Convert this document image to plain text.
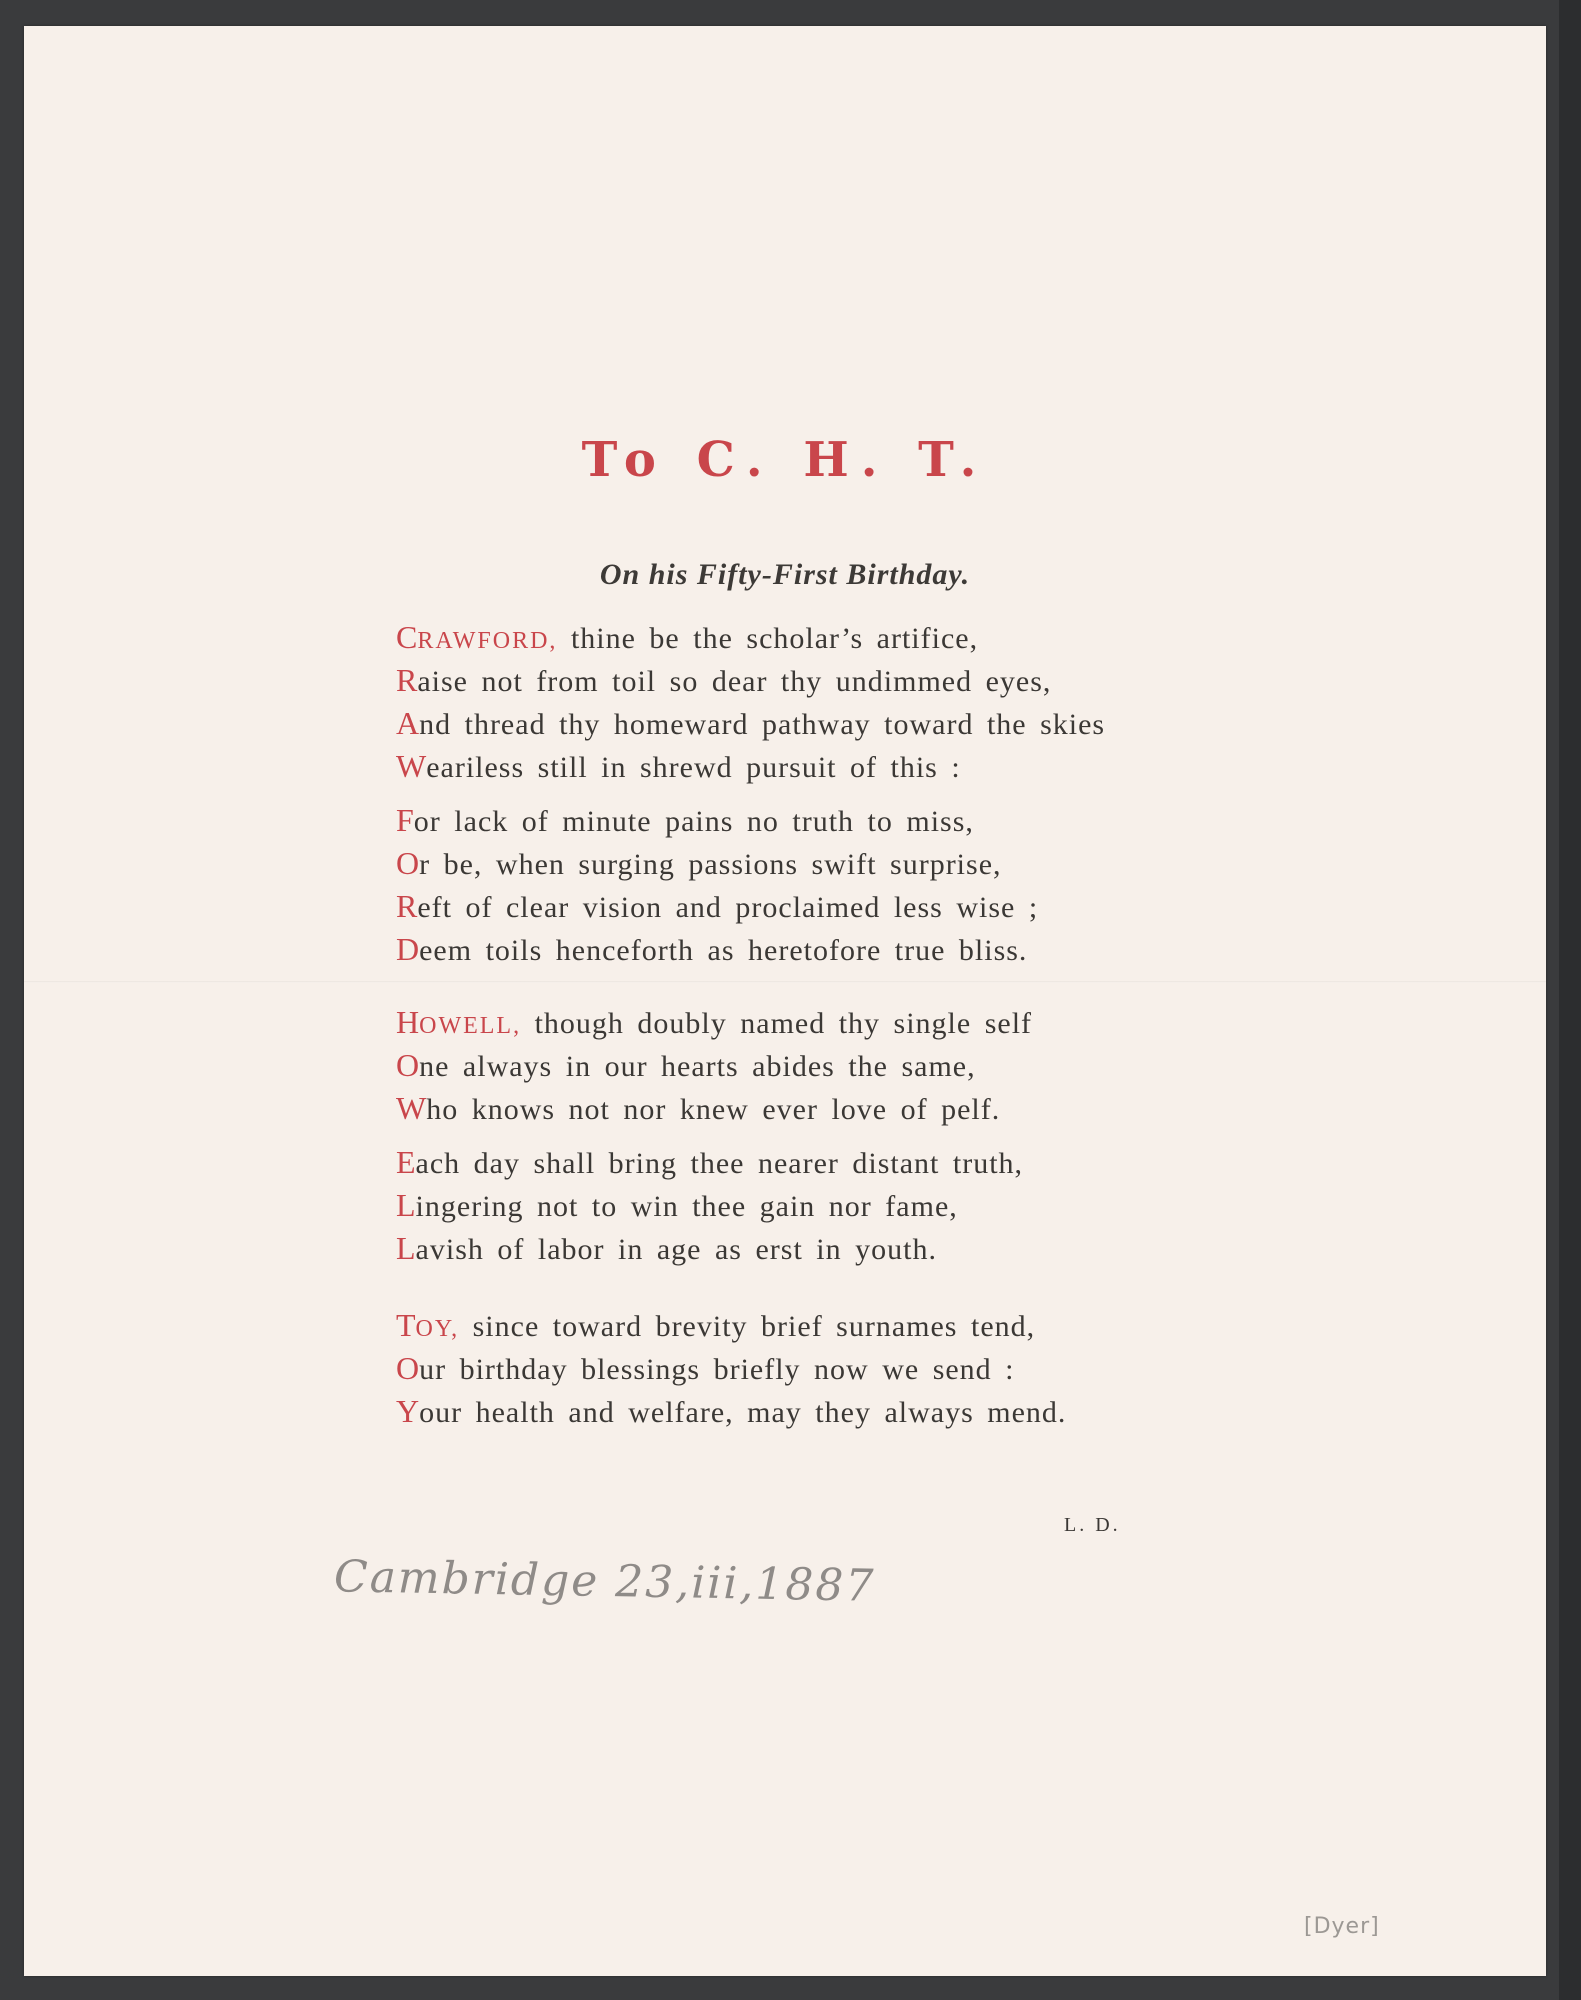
To C. H. T.
On his Fifty-First Birthday.
CRAWFORD, thine be the scholar’s artifice,
Raise not from toil so dear thy undimmed eyes,
And thread thy homeward pathway toward the skies
Weariless still in shrewd pursuit of this :
For lack of minute pains no truth to miss,
Or be, when surging passions swift surprise,
Reft of clear vision and proclaimed less wise ;
Deem toils henceforth as heretofore true bliss.
HOWELL, though doubly named thy single self
One always in our hearts abides the same,
Who knows not nor knew ever love of pelf.
Each day shall bring thee nearer distant truth,
Lingering not to win thee gain nor fame,
Lavish of labor in age as erst in youth.
TOY, since toward brevity brief surnames tend,
Our birthday blessings briefly now we send :
Your health and welfare, may they always mend.
L. D.
Cambridge 23,iii,1887
[Dyer]
